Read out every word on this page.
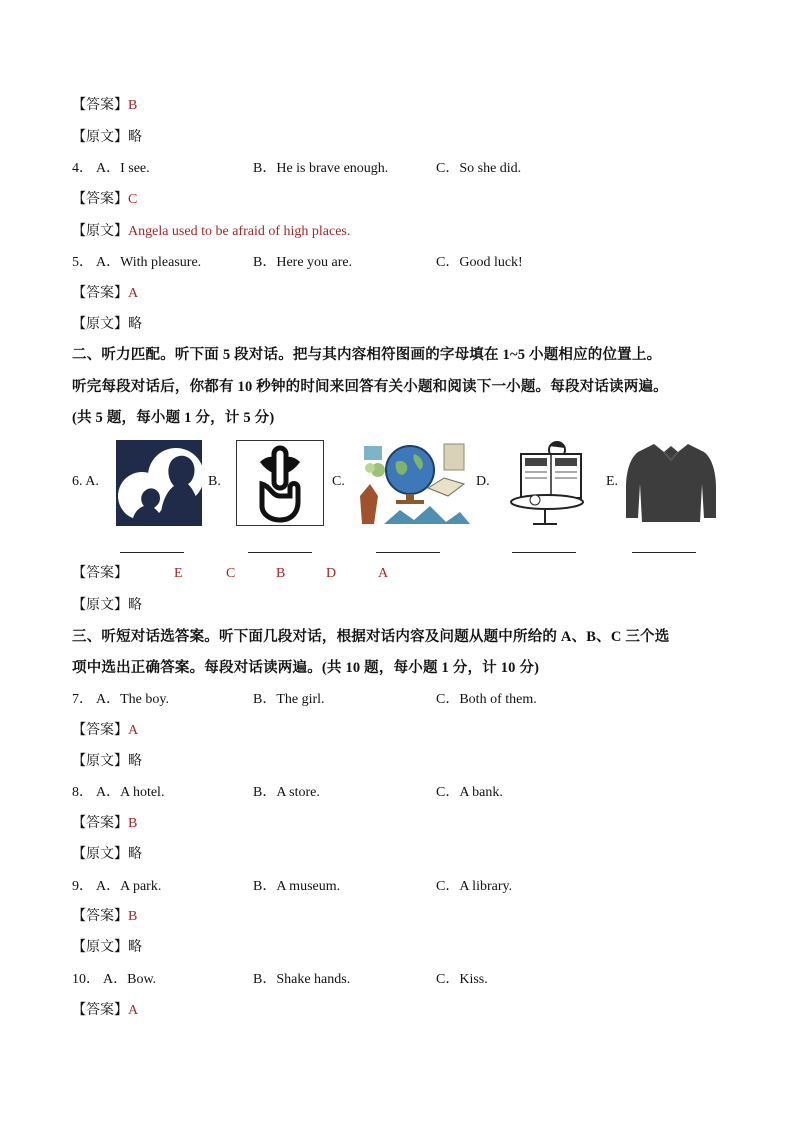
【答案】B
【原文】略
4． A．I see.	B．He is brave enough.	C．So she did.
【答案】C
【原文】Angela used to be afraid of high places.
5． A．With pleasure.	B．Here you are.	C．Good luck!
【答案】A
【原文】略
二、听力匹配。听下面 5 段对话。把与其内容相符图画的字母填在 1~5 小题相应的位置上。
听完每段对话后，你都有 10 秒钟的时间来回答有关小题和阅读下一小题。每段对话读两遍。
(共 5 题，每小题 1 分，计 5 分)
6. A.	B.	C.	D.	E.
【答案】	E	C	B	D	A
【原文】略
三、听短对话选答案。听下面几段对话，根据对话内容及问题从题中所给的 A、B、C 三个选
项中选出正确答案。每段对话读两遍。(共 10 题，每小题 1 分，计 10 分)
7． A．The boy.	B．The girl.	C．Both of them.
【答案】A
【原文】略
8． A．A hotel.	B．A store.	C．A bank.
【答案】B
【原文】略
9． A．A park.	B．A museum.	C．A library.
【答案】B
【原文】略
10． A．Bow.	B．Shake hands.	C．Kiss.
【答案】A
